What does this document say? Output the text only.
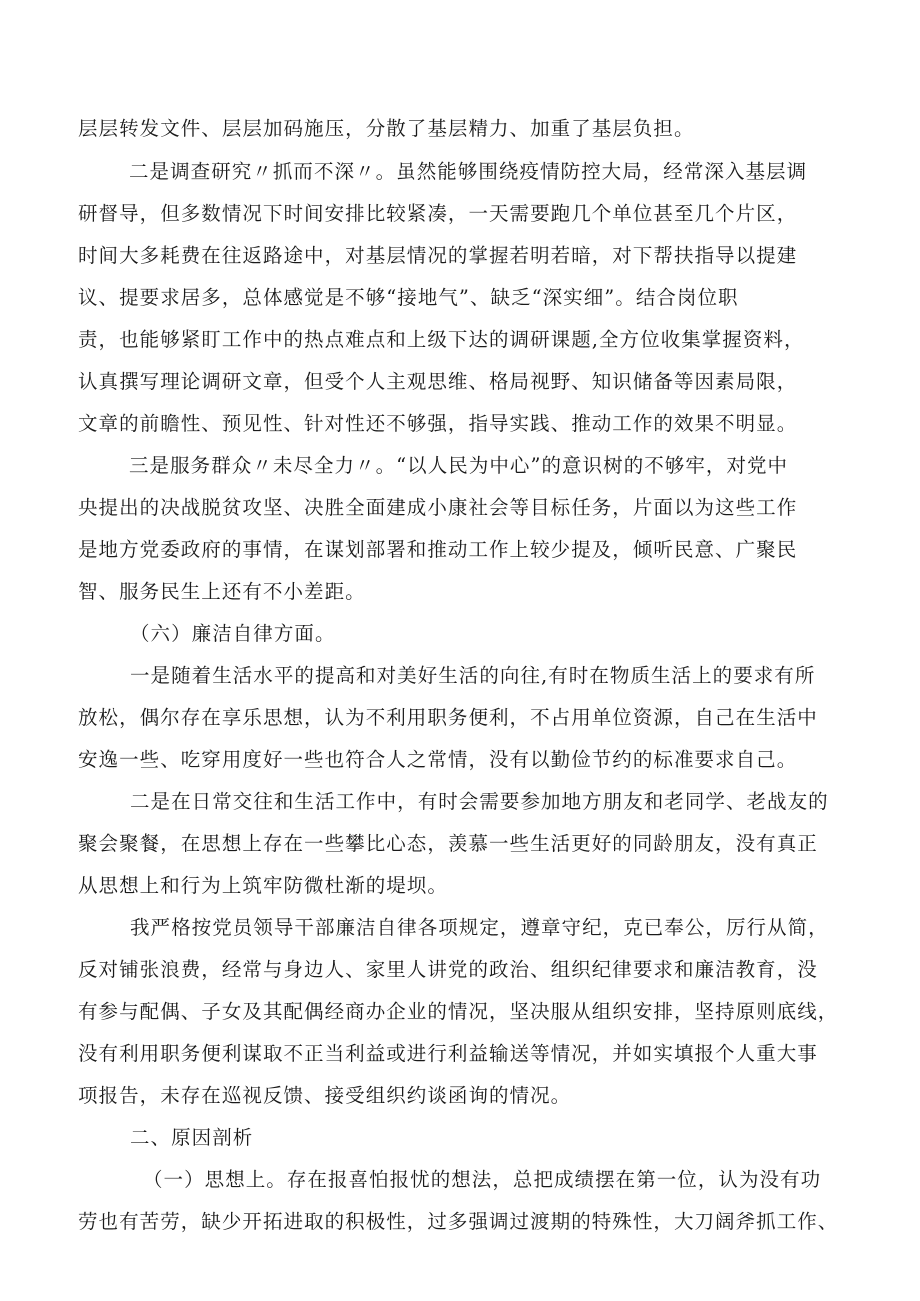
层层转发文件、层层加码施压，分散了基层精力、加重了基层负担。
二是调查研究〃抓而不深〃。虽然能够围绕疫情防控大局，经常深入基层调
研督导，但多数情况下时间安排比较紧凑，一天需要跑几个单位甚至几个片区，
时间大多耗费在往返路途中，对基层情况的掌握若明若暗，对下帮扶指导以提建
议、提要求居多，总体感觉是不够“接地气”、缺乏“深实细”。结合岗位职
责，也能够紧盯工作中的热点难点和上级下达的调研课题,全方位收集掌握资料，
认真撰写理论调研文章，但受个人主观思维、格局视野、知识储备等因素局限，
文章的前瞻性、预见性、针对性还不够强，指导实践、推动工作的效果不明显。
三是服务群众〃未尽全力〃。“以人民为中心”的意识树的不够牢，对党中
央提出的决战脱贫攻坚、决胜全面建成小康社会等目标任务，片面以为这些工作
是地方党委政府的事情，在谋划部署和推动工作上较少提及，倾听民意、广聚民
智、服务民生上还有不小差距。
（六）廉洁自律方面。
一是随着生活水平的提高和对美好生活的向往,有时在物质生活上的要求有所
放松，偶尔存在享乐思想，认为不利用职务便利，不占用单位资源，自己在生活中
安逸一些、吃穿用度好一些也符合人之常情，没有以勤俭节约的标准要求自己。
二是在日常交往和生活工作中，有时会需要参加地方朋友和老同学、老战友的
聚会聚餐，在思想上存在一些攀比心态，羡慕一些生活更好的同龄朋友，没有真正
从思想上和行为上筑牢防微杜渐的堤坝。
我严格按党员领导干部廉洁自律各项规定，遵章守纪，克已奉公，厉行从简，
反对铺张浪费，经常与身边人、家里人讲党的政治、组织纪律要求和廉洁教育，没
有参与配偶、子女及其配偶经商办企业的情况，坚决服从组织安排，坚持原则底线，
没有利用职务便利谋取不正当利益或进行利益输送等情况，并如实填报个人重大事
项报告，未存在巡视反馈、接受组织约谈函询的情况。
二、原因剖析
（一）思想上。存在报喜怕报忧的想法，总把成绩摆在第一位，认为没有功
劳也有苦劳，缺少开拓进取的积极性，过多强调过渡期的特殊性，大刀阔斧抓工作、
